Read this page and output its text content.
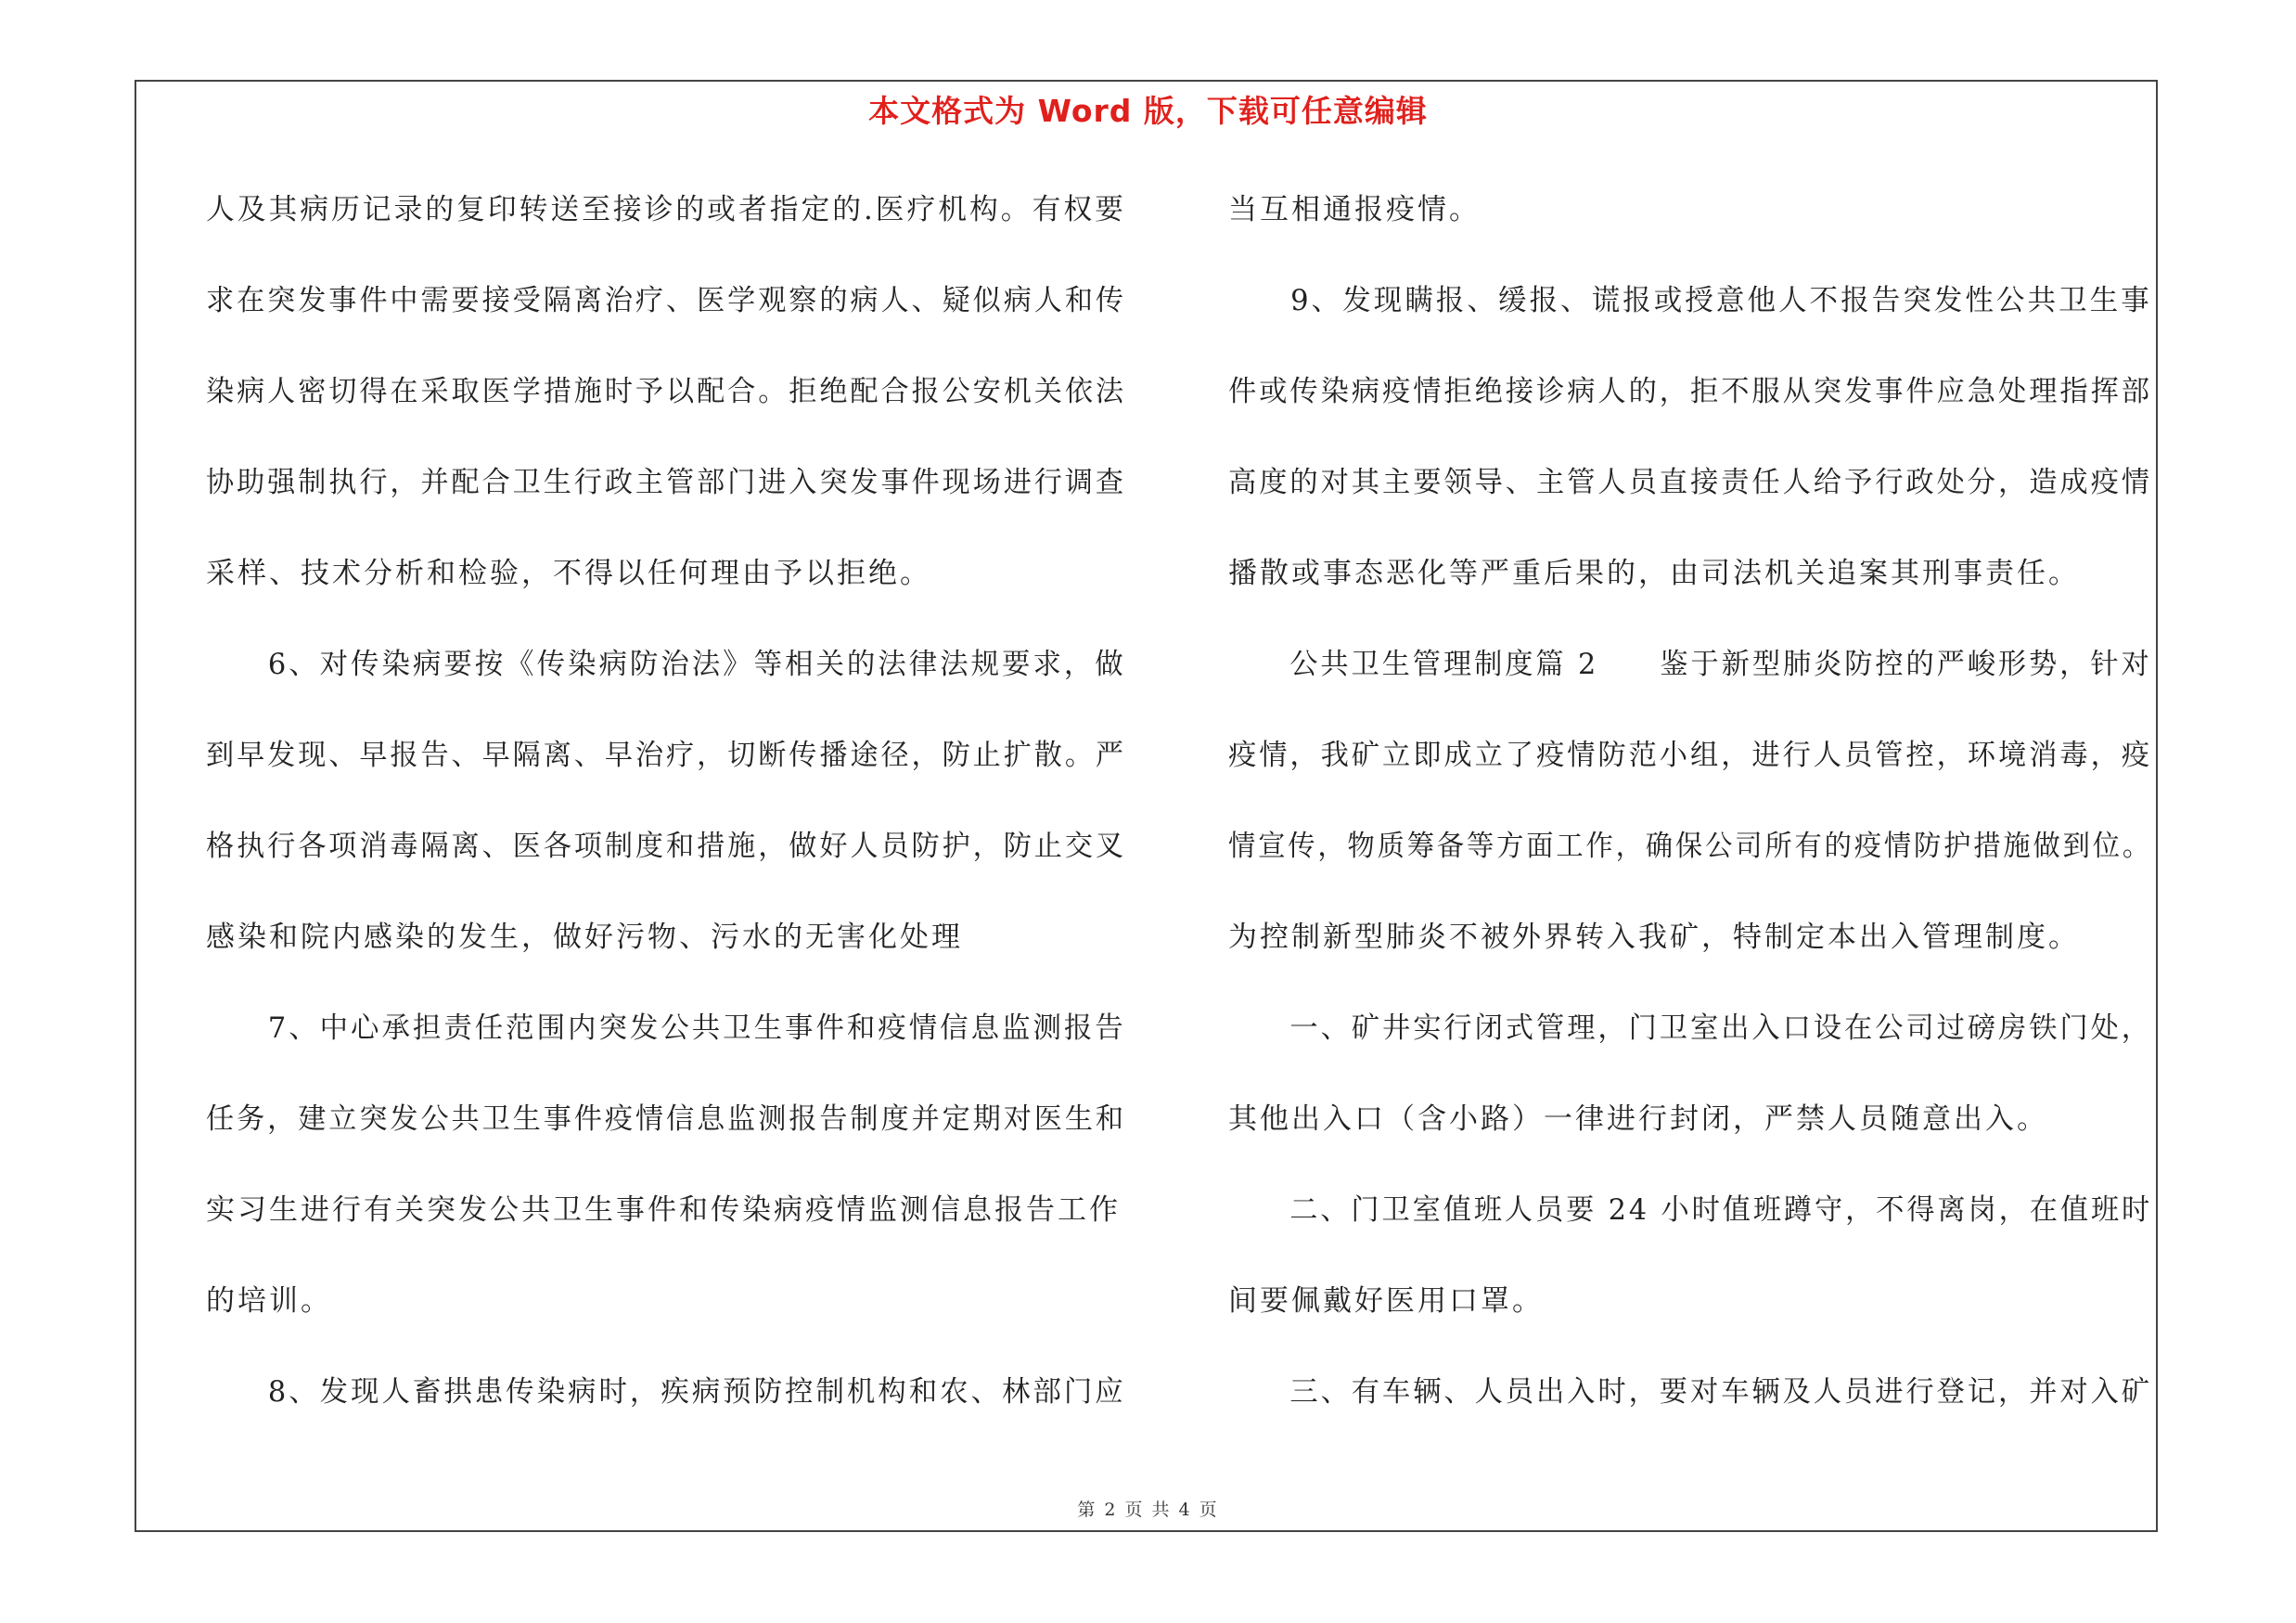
本文格式为 Word 版，下载可任意编辑
人及其病历记录的复印转送至接诊的或者指定的.医疗机构。有权要
求在突发事件中需要接受隔离治疗、医学观察的病人、疑似病人和传
染病人密切得在采取医学措施时予以配合。拒绝配合报公安机关依法
协助强制执行，并配合卫生行政主管部门进入突发事件现场进行调查
采样、技术分析和检验，不得以任何理由予以拒绝。
　　6、对传染病要按《传染病防治法》等相关的法律法规要求，做
到早发现、早报告、早隔离、早治疗，切断传播途径，防止扩散。严
格执行各项消毒隔离、医各项制度和措施，做好人员防护，防止交叉
感染和院内感染的发生，做好污物、污水的无害化处理
　　7、中心承担责任范围内突发公共卫生事件和疫情信息监测报告
任务，建立突发公共卫生事件疫情信息监测报告制度并定期对医生和
实习生进行有关突发公共卫生事件和传染病疫情监测信息报告工作
的培训。
　　8、发现人畜拱患传染病时，疾病预防控制机构和农、林部门应
当互相通报疫情。
　　9、发现瞒报、缓报、谎报或授意他人不报告突发性公共卫生事
件或传染病疫情拒绝接诊病人的，拒不服从突发事件应急处理指挥部
高度的对其主要领导、主管人员直接责任人给予行政处分，造成疫情
播散或事态恶化等严重后果的，由司法机关追案其刑事责任。
　　公共卫生管理制度篇 2　　鉴于新型肺炎防控的严峻形势，针对
疫情，我矿立即成立了疫情防范小组，进行人员管控，环境消毒，疫
情宣传，物质筹备等方面工作，确保公司所有的疫情防护措施做到位。
为控制新型肺炎不被外界转入我矿，特制定本出入管理制度。
　　一、矿井实行闭式管理，门卫室出入口设在公司过磅房铁门处，
其他出入口（含小路）一律进行封闭，严禁人员随意出入。
　　二、门卫室值班人员要 24 小时值班蹲守，不得离岗，在值班时
间要佩戴好医用口罩。
　　三、有车辆、人员出入时，要对车辆及人员进行登记，并对入矿
第 2 页 共 4 页
